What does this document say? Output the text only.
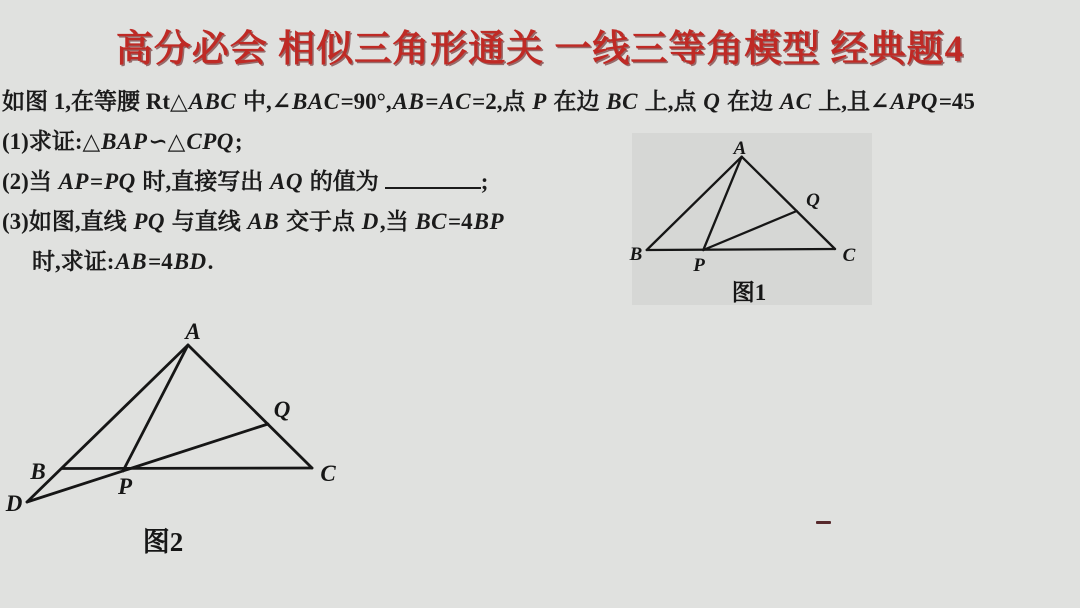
高分必会 相似三角形通关 一线三等角模型 经典题4
如图 1,在等腰 Rt△ABC 中,∠BAC=90°,AB=AC=2,点 P 在边 BC 上,点 Q 在边 AC 上,且∠APQ=45
(1)求证:△BAP∽△CPQ;
(2)当 AP=PQ 时,直接写出 AQ 的值为	;
(3)如图,直线 PQ 与直线 AB 交于点 D,当 BC=4BP
时,求证:AB=4BD.
A
B	C
P
Q
图1
A
B	C
P
Q
D
图2
